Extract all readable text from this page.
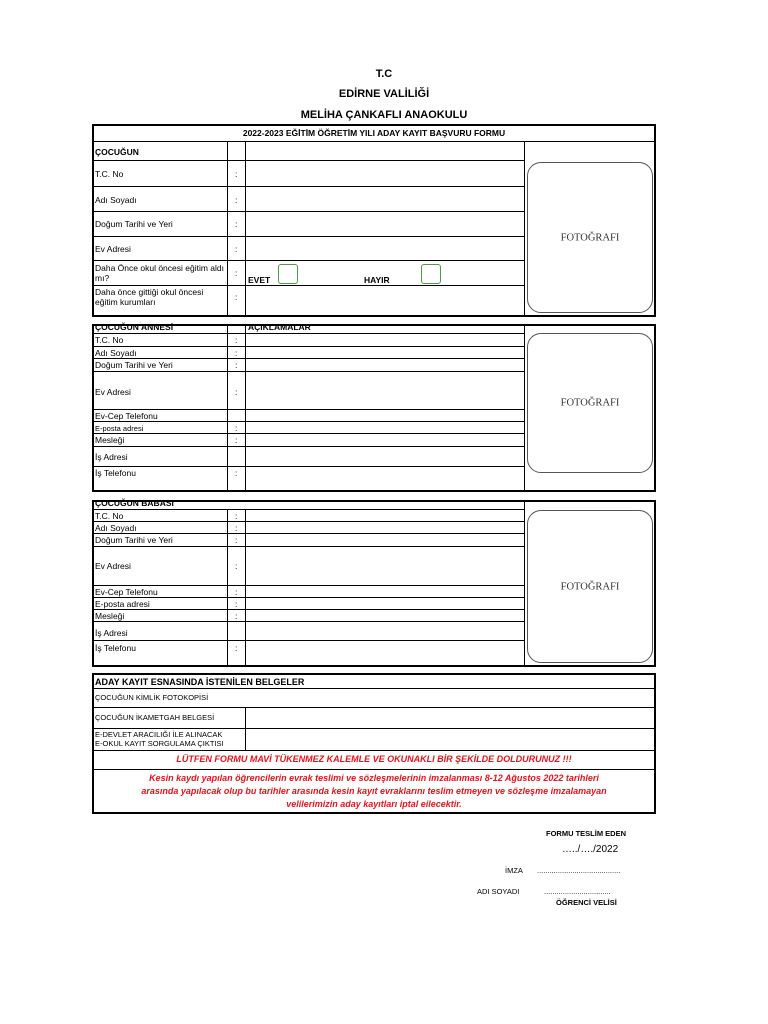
T.C
EDİRNE VALİLİĞİ
MELİHA ÇANKAFLI ANAOKULU
2022-2023 EĞİTİM ÖĞRETİM YILI ADAY KAYIT BAŞVURU FORMU
ÇOCUĞUN
T.C. No	:
Adı Soyadı	:
Doğum Tarihi ve Yeri	:
Ev Adresi	:
Daha Önce okul öncesi eğitim aldı mı?	:
EVET	HAYIR
Daha önce gittiği okul öncesi eğitim kurumları	:
FOTOĞRAFI
ÇOCUĞUN ANNESİ	AÇIKLAMALAR
T.C. No	:
Adı Soyadı	:
Doğum Tarihi ve Yeri	:
Ev Adresi	:
Ev-Cep Telefonu
E-posta adresi	:
Mesleği	:
İş Adresi
İş Telefonu	:
FOTOĞRAFI
ÇOCUĞUN BABASI
T.C. No	:
Adı Soyadı	:
Doğum Tarihi ve Yeri	:
Ev Adresi	:
Ev-Cep Telefonu	:
E-posta adresi	:
Mesleği	:
İş Adresi
İş Telefonu	:
FOTOĞRAFI
ADAY KAYIT ESNASINDA İSTENİLEN BELGELER
ÇOCUĞUN KİMLİK FOTOKOPİSİ
ÇOCUĞUN İKAMETGAH BELGESİ
E-DEVLET ARACILIĞI İLE ALINACAK
E-OKUL KAYIT SORGULAMA ÇIKTISI
LÜTFEN FORMU MAVİ TÜKENMEZ KALEMLE VE OKUNAKLI BİR ŞEKİLDE DOLDURUNUZ !!!
Kesin kaydı yapılan öğrencilerin evrak teslimi ve sözleşmelerinin imzalanması 8-12 Ağustos 2022 tarihleri
arasında yapılacak olup bu tarihler arasında kesin kayıt evraklarını teslim etmeyen ve sözleşme imzalamayan
velilerimizin aday kayıtları iptal eilecektir.
FORMU TESLİM EDEN
…../…./2022
İMZA ........................................
ADI SOYADI	................................
ÖĞRENCİ VELİSİ
